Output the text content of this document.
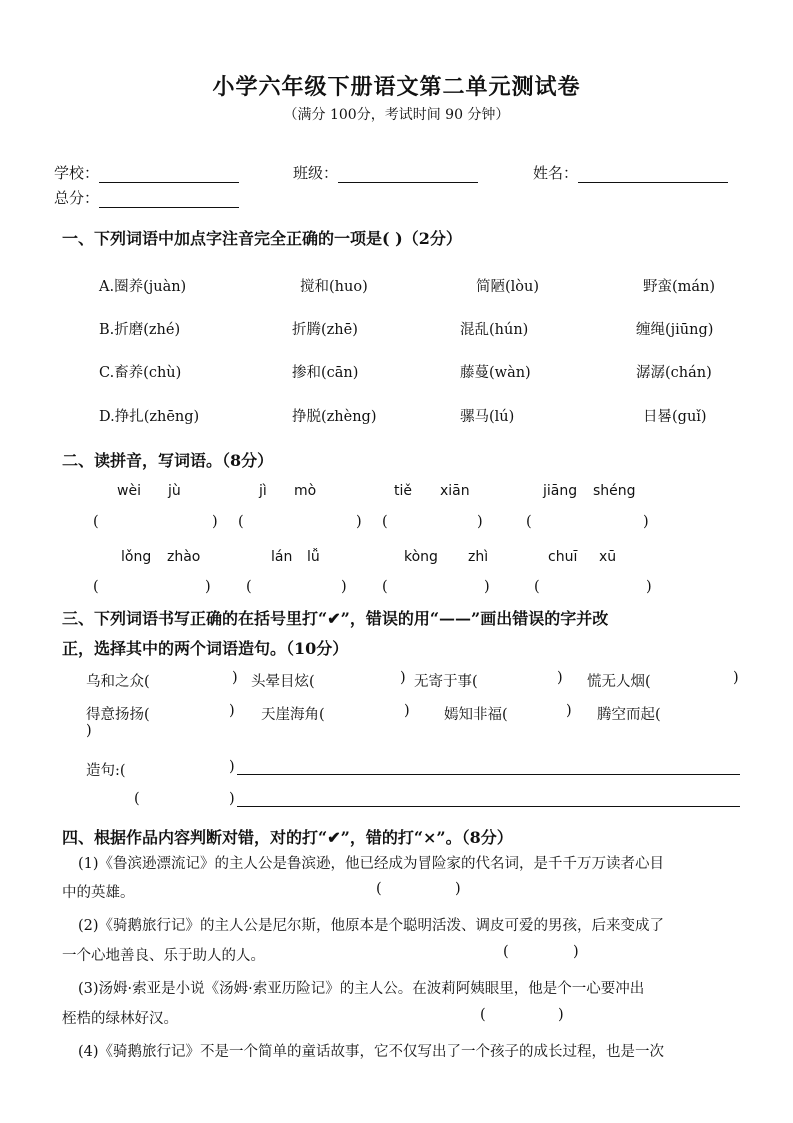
小学六年级下册语文第二单元测试卷
（满分 100分，考试时间 90 分钟）
学校：	班级：	姓名：
总分：
一、下列词语中加点字注音完全正确的一项是( )（2分）
A.圈养(juàn)	搅和(huo)	简陋(lòu)	野蛮(mán)
B.折磨(zhé)	折腾(zhē)	混乱(hún)	缠绳(jiūng)
C.畜养(chù)	掺和(cān)	藤蔓(wàn)	潺潺(chán)
D.挣扎(zhēng)	挣脱(zhèng)	骡马(lú)	日晷(guǐ)
二、读拼音，写词语。（8分）
wèi jù	jì mò	tiě xiān	jiāng shéng
(	) (	) (	)	(	)
lǒng zhào	lán lǚ	kòng zhì	chuī xū
(	) (	) (	)	(	)
三、下列词语书写正确的在括号里打“✔”，错误的用“——”画出错误的字并改
正，选择其中的两个词语造句。（10分）
乌和之众(	) 头晕目炫(	) 无寄于事(	) 慌无人烟(	)
得意扬扬(	) 天崖海角(	) 嫣知非福(	) 腾空而起(
)
造句:(	)
(	)
四、根据作品内容判断对错，对的打“✔”，错的打“×”。（8分）
(1)《鲁滨逊漂流记》的主人公是鲁滨逊，他已经成为冒险家的代名词，是千千万万读者心目
中的英雄。	(	)
(2)《骑鹅旅行记》的主人公是尼尔斯，他原本是个聪明活泼、调皮可爱的男孩，后来变成了
一个心地善良、乐于助人的人。	(	)
(3)汤姆·索亚是小说《汤姆·索亚历险记》的主人公。在波莉阿姨眼里，他是个一心要冲出
桎梏的绿林好汉。	(	)
(4)《骑鹅旅行记》不是一个简单的童话故事，它不仅写出了一个孩子的成长过程，也是一次
